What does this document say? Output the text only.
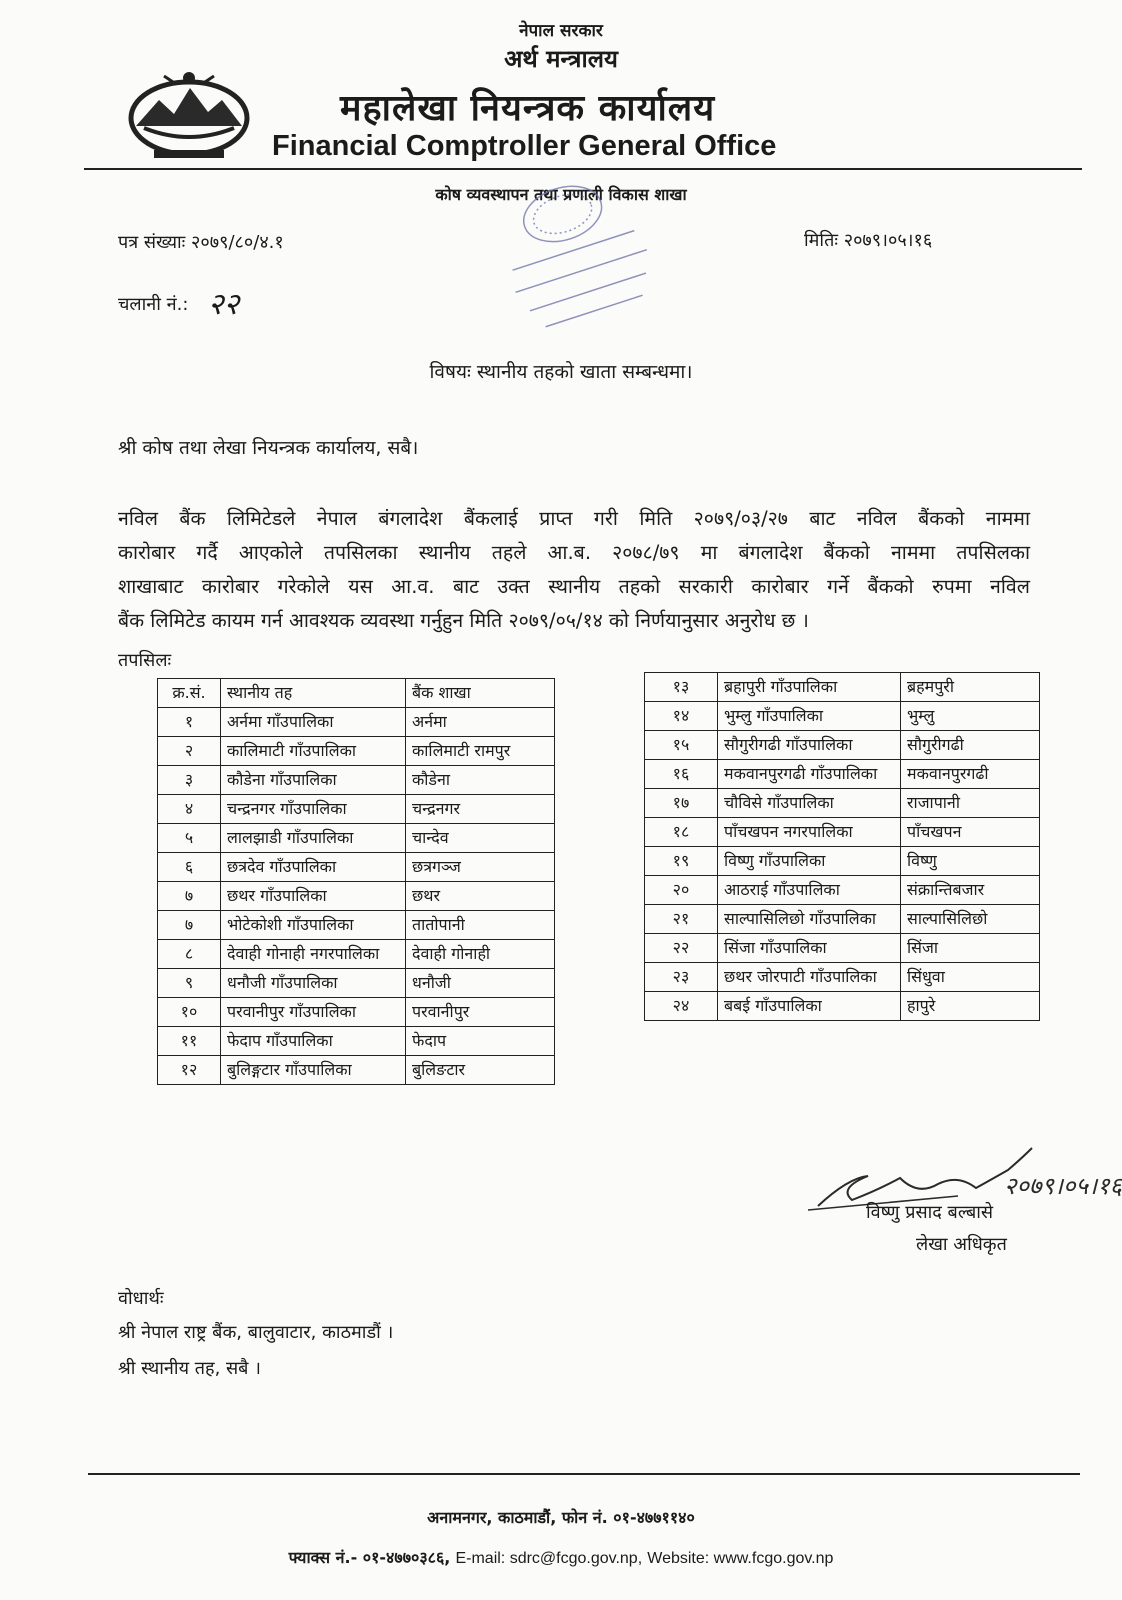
नेपाल सरकार
अर्थ मन्त्रालय
महालेखा नियन्त्रक कार्यालय
Financial Comptroller General Office
कोष व्यवस्थापन तथा प्रणाली विकास शाखा
पत्र संख्याः २०७९/८०/४.१	मितिः २०७९।०५।१६
चलानी नं.: २२
विषयः स्थानीय तहको खाता सम्बन्धमा।
श्री कोष तथा लेखा नियन्त्रक कार्यालय, सबै।
नविल बैंक लिमिटेडले नेपाल बंगलादेश बैंकलाई प्राप्त गरी मिति २०७९/०३/२७ बाट नविल बैंकको नाममा
कारोबार गर्दै आएकोले तपसिलका स्थानीय तहले आ.ब. २०७८/७९ मा बंगलादेश बैंकको नाममा तपसिलका
शाखाबाट कारोबार गरेकोले यस आ.व. बाट उक्त स्थानीय तहको सरकारी कारोबार गर्ने बैंकको रुपमा नविल
बैंक लिमिटेड कायम गर्न आवश्यक व्यवस्था गर्नुहुन मिति २०७९/०५/१४ को निर्णयानुसार अनुरोध छ ।
तपसिलः
क्र.सं.	स्थानीय तह	बैंक शाखा
१	अर्नमा गाँउपालिका	अर्नमा
२	कालिमाटी गाँउपालिका	कालिमाटी रामपुर
३	कौडेना गाँउपालिका	कौडेना
४	चन्द्रनगर गाँउपालिका	चन्द्रनगर
५	लालझाडी गाँउपालिका	चान्देव
६	छत्रदेव गाँउपालिका	छत्रगञ्ज
७	छथर गाँउपालिका	छथर
७	भोटेकोशी गाँउपालिका	तातोपानी
८	देवाही गोनाही नगरपालिका	देवाही गोनाही
९	धनौजी गाँउपालिका	धनौजी
१०	परवानीपुर गाँउपालिका	परवानीपुर
११	फेदाप गाँउपालिका	फेदाप
१२	बुलिङ्गटार गाँउपालिका	बुलिङटार
१३	ब्रहापुरी गाँउपालिका	ब्रहमपुरी
१४	भुम्लु गाँउपालिका	भुम्लु
१५	सौगुरीगढी गाँउपालिका	सौगुरीगढी
१६	मकवानपुरगढी गाँउपालिका	मकवानपुरगढी
१७	चौविसे गाँउपालिका	राजापानी
१८	पाँचखपन नगरपालिका	पाँचखपन
१९	विष्णु गाँउपालिका	विष्णु
२०	आठराई गाँउपालिका	संक्रान्तिबजार
२१	साल्पासिलिछो गाँउपालिका	साल्पासिलिछो
२२	सिंजा गाँउपालिका	सिंजा
२३	छथर जोरपाटी गाँउपालिका	सिंधुवा
२४	बबई गाँउपालिका	हापुरे
२०७९।०५।१६
विष्णु प्रसाद बल्बासे
लेखा अधिकृत
वोधार्थः
श्री नेपाल राष्ट्र बैंक, बालुवाटार, काठमाडौं ।
श्री स्थानीय तह, सबै ।
अनामनगर, काठमाडौं, फोन नं. ०१-४७७११४०
फ्याक्स नं.- ०१-४७७०३८६, E-mail: sdrc@fcgo.gov.np, Website: www.fcgo.gov.np
